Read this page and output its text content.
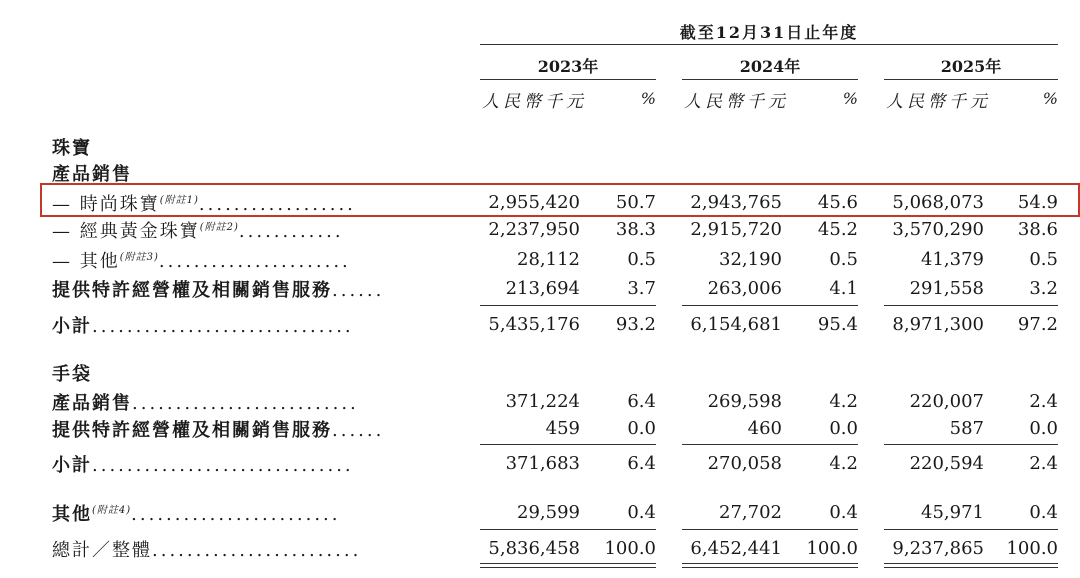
截至12月31日止年度
2023年	2024年	2025年
人民幣千元	% 人民幣千元	% 人民幣千元	%
珠寶
產品銷售
— 時尚珠寶$^{(附註1)}$..................	2,955,420	50.7	2,943,765	45.6	5,068,073	54.9
— 經典黃金珠寶$^{(附註2)}$............	2,237,950	38.3	2,915,720	45.2	3,570,290	38.6
— 其他$^{(附註3)}$......................	28,112	0.5	32,190	0.5	41,379	0.5
提供特許經營權及相關銷售服務......	213,694	3.7	263,006	4.1	291,558	3.2
小計..............................	5,435,176	93.2	6,154,681	95.4	8,971,300	97.2
手袋
產品銷售..........................	371,224	6.4	269,598	4.2	220,007	2.4
提供特許經營權及相關銷售服務......	459	0.0	460	0.0	587	0.0
小計..............................	371,683	6.4	270,058	4.2	220,594	2.4
其他$^{(附註4)}$........................	29,599	0.4	27,702	0.4	45,971	0.4
總計／整體........................	5,836,458 100.0	6,452,441	100.0	9,237,865	100.0
